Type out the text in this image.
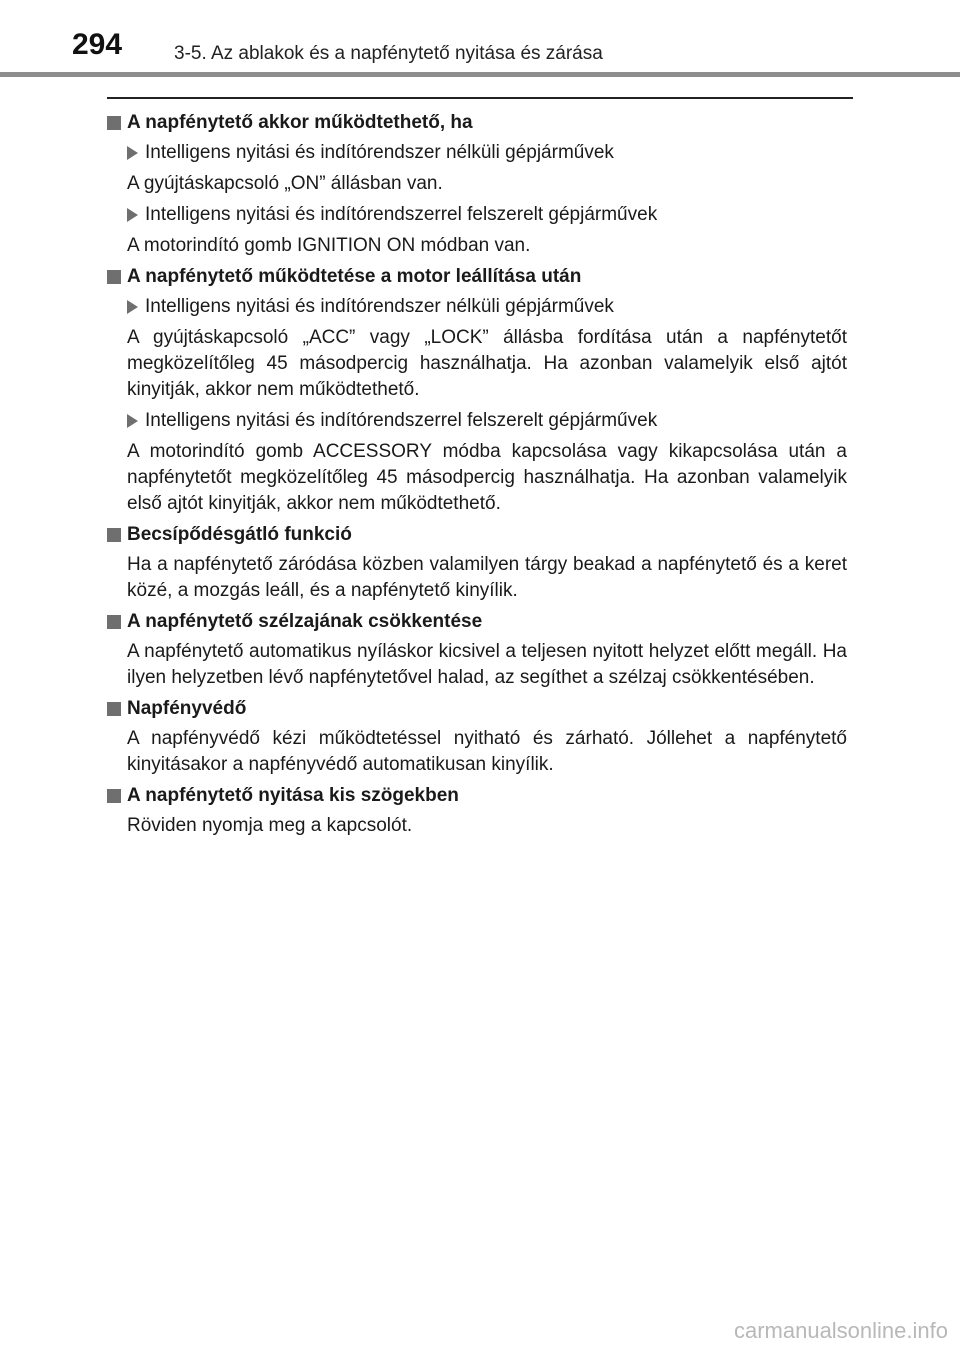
294	3-5. Az ablakok és a napfénytető nyitása és zárása
A napfénytető akkor működtethető, ha
Intelligens nyitási és indítórendszer nélküli gépjárművek

A gyújtáskapcsoló „ON” állásban van.

Intelligens nyitási és indítórendszerrel felszerelt gépjárművek

A motorindító gomb IGNITION ON módban van.

A napfénytető működtetése a motor leállítása után
Intelligens nyitási és indítórendszer nélküli gépjárművek

A gyújtáskapcsoló „ACC” vagy „LOCK” állásba fordítása után a napfénytetőt megközelítőleg 45 másodpercig használhatja. Ha azonban valamelyik első ajtót kinyitják, akkor nem működtethető.

Intelligens nyitási és indítórendszerrel felszerelt gépjárművek

A motorindító gomb ACCESSORY módba kapcsolása vagy kikapcsolása után a napfénytetőt megközelítőleg 45 másodpercig használhatja. Ha azonban valamelyik első ajtót kinyitják, akkor nem működtethető.

Becsípődésgátló funkció

Ha a napfénytető záródása közben valamilyen tárgy beakad a napfénytető és a keret közé, a mozgás leáll, és a napfénytető kinyílik.

A napfénytető szélzajának csökkentése

A napfénytető automatikus nyíláskor kicsivel a teljesen nyitott helyzet előtt megáll. Ha ilyen helyzetben lévő napfénytetővel halad, az segíthet a szélzaj csökkentésében.

Napfényvédő

A napfényvédő kézi működtetéssel nyitható és zárható. Jóllehet a napfénytető kinyitásakor a napfényvédő automatikusan kinyílik.

A napfénytető nyitása kis szögekben

Röviden nyomja meg a kapcsolót.

carmanualsonline.info
